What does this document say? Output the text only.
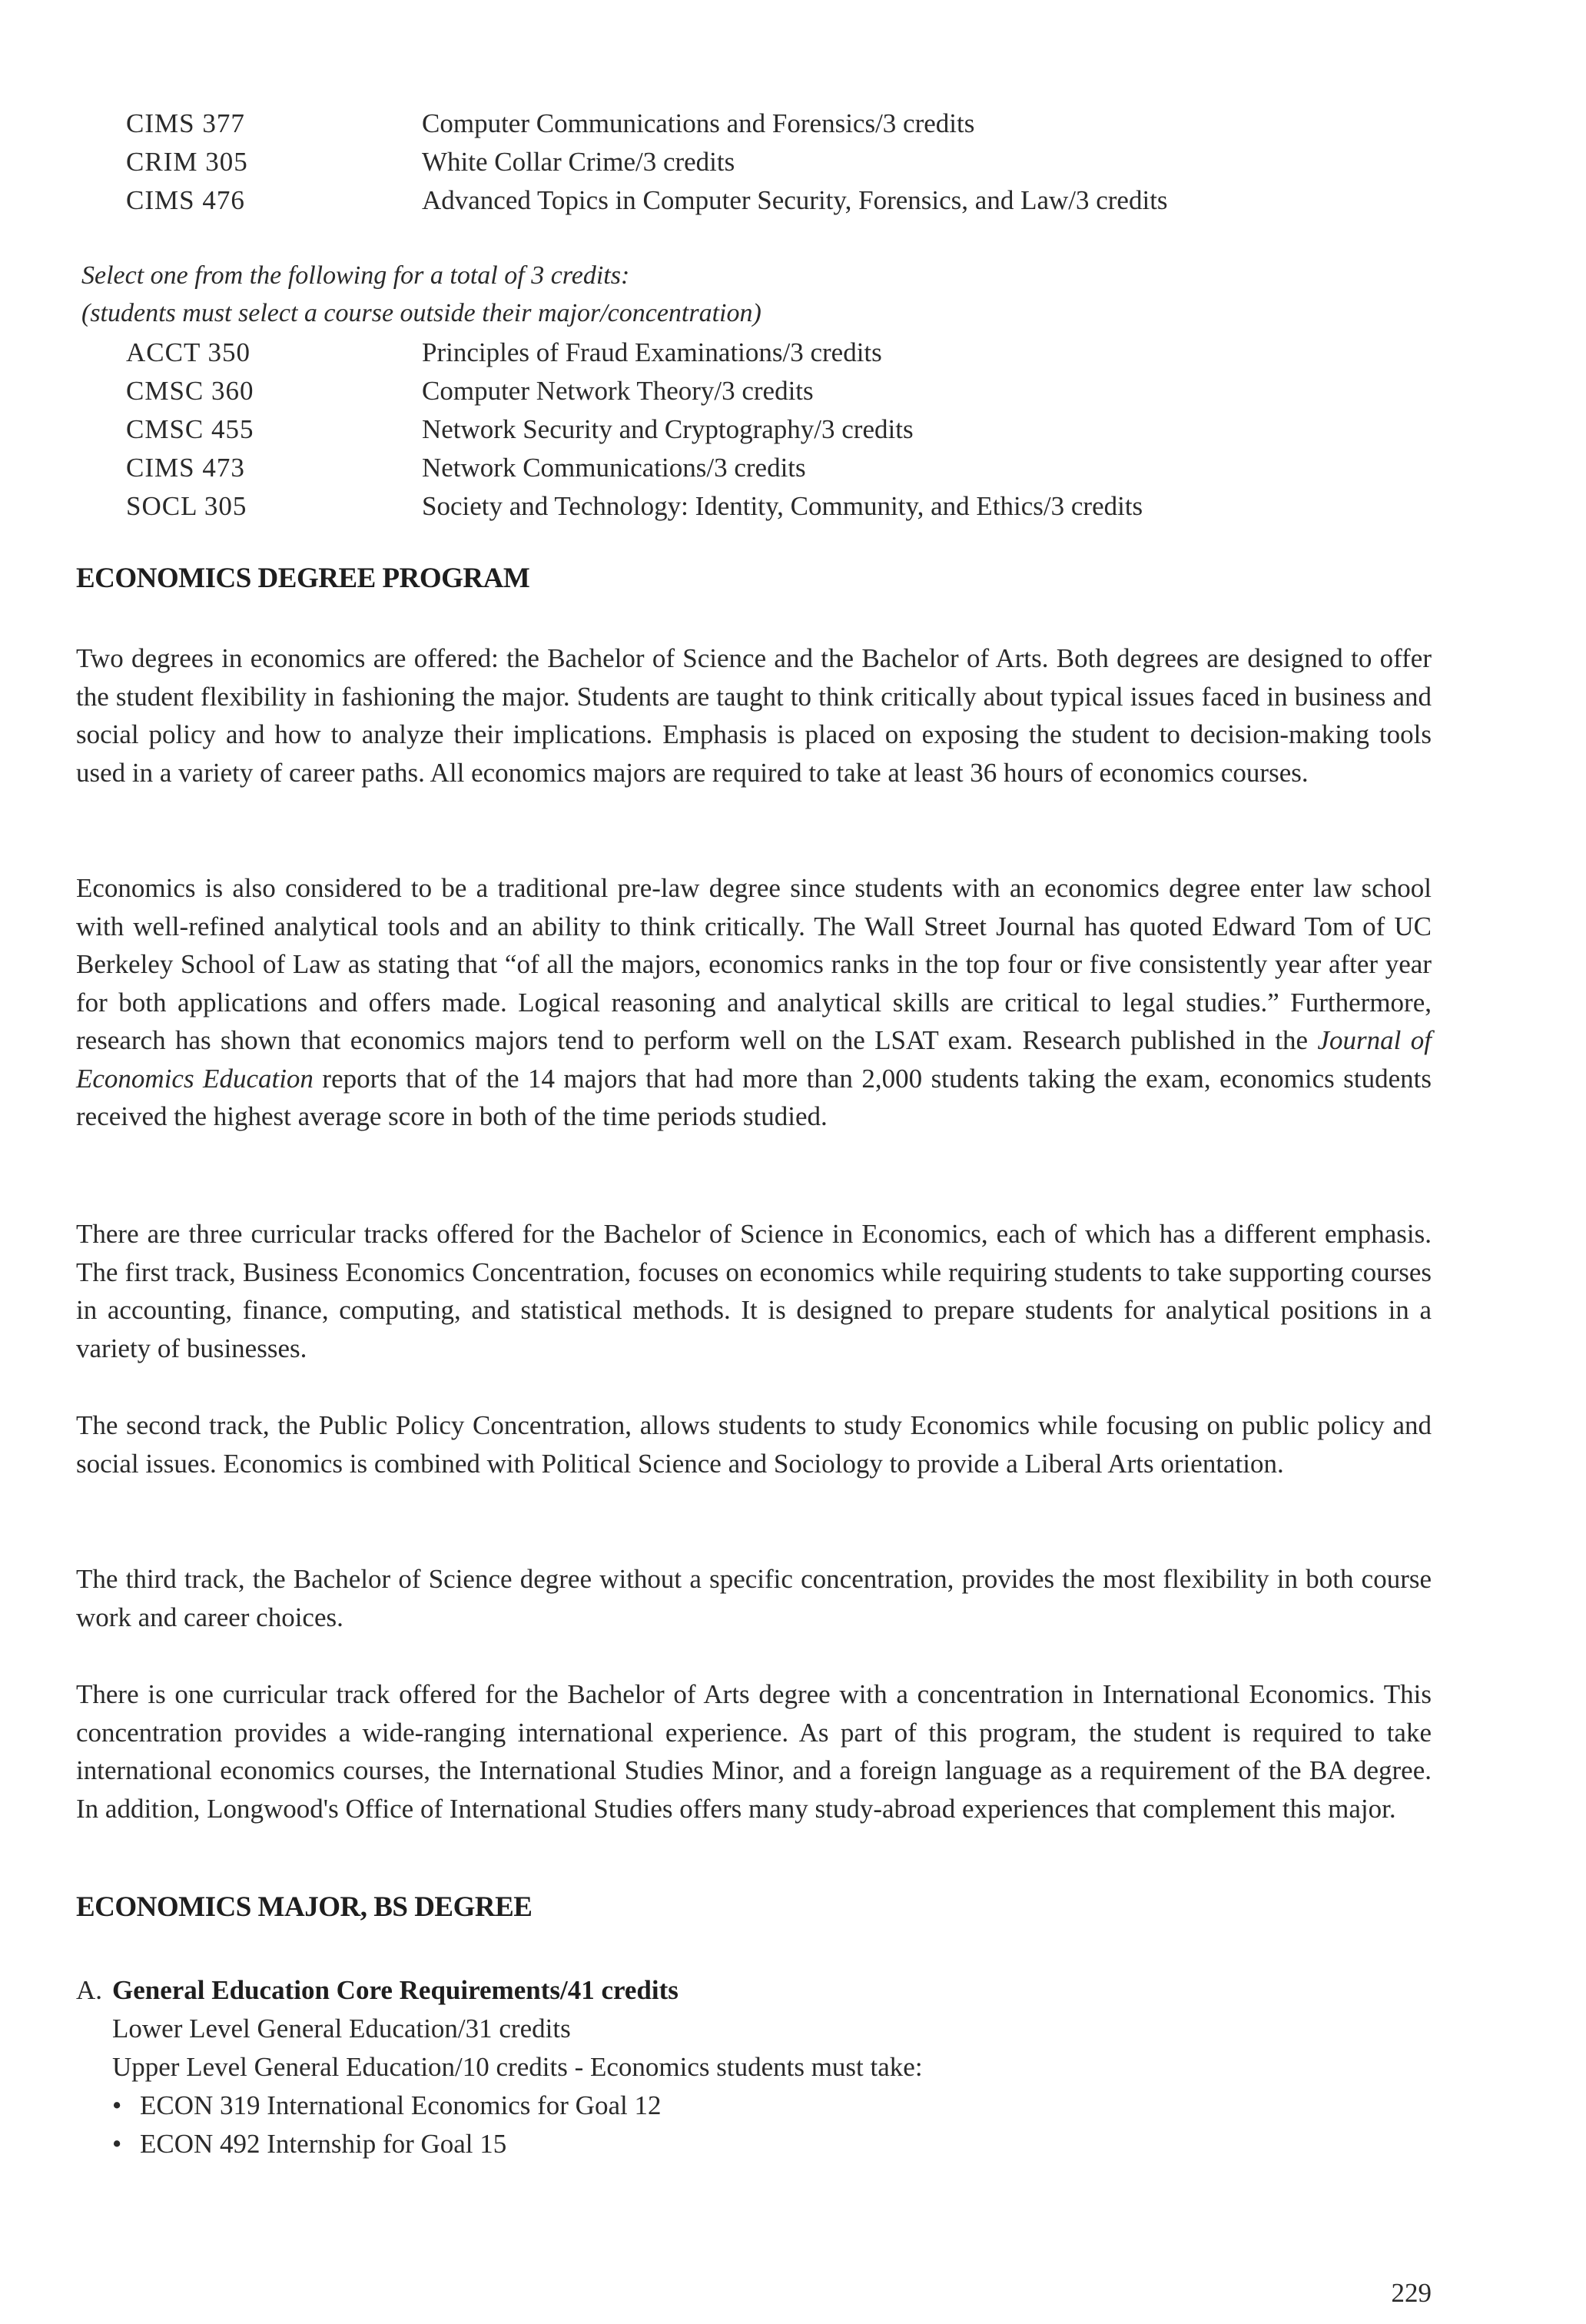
CIMS 377	Computer Communications and Forensics/3 credits
CRIM 305	White Collar Crime/3 credits
CIMS 476	Advanced Topics in Computer Security, Forensics, and Law/3 credits
Select one from the following for a total of 3 credits:
(students must select a course outside their major/concentration)
ACCT 350	Principles of Fraud Examinations/3 credits
CMSC 360	Computer Network Theory/3 credits
CMSC 455	Network Security and Cryptography/3 credits
CIMS 473	Network Communications/3 credits
SOCL 305	Society and Technology: Identity, Community, and Ethics/3 credits
ECONOMICS DEGREE PROGRAM
Two degrees in economics are offered: the Bachelor of Science and the Bachelor of Arts. Both degrees are designed to offer the student flexibility in fashioning the major. Students are taught to think critically about typical issues faced in business and social policy and how to analyze their implications. Emphasis is placed on exposing the student to decision-making tools used in a variety of career paths. All economics majors are required to take at least 36 hours of economics courses.
Economics is also considered to be a traditional pre-law degree since students with an economics degree enter law school with well-refined analytical tools and an ability to think critically. The Wall Street Journal has quoted Edward Tom of UC Berkeley School of Law as stating that “of all the majors, economics ranks in the top four or five consistently year after year for both applications and offers made. Logical reasoning and analytical skills are critical to legal studies.” Furthermore, research has shown that economics majors tend to perform well on the LSAT exam. Research published in the Journal of Economics Education reports that of the 14 majors that had more than 2,000 students taking the exam, economics students received the highest average score in both of the time periods studied.
There are three curricular tracks offered for the Bachelor of Science in Economics, each of which has a different emphasis. The first track, Business Economics Concentration, focuses on economics while requiring students to take supporting courses in accounting, finance, computing, and statistical methods. It is designed to prepare students for analytical positions in a variety of businesses.
The second track, the Public Policy Concentration, allows students to study Economics while focusing on public policy and social issues. Economics is combined with Political Science and Sociology to provide a Liberal Arts orientation.
The third track, the Bachelor of Science degree without a specific concentration, provides the most flexibility in both course work and career choices.
There is one curricular track offered for the Bachelor of Arts degree with a concentration in International Economics. This concentration provides a wide-ranging international experience. As part of this program, the student is required to take international economics courses, the International Studies Minor, and a foreign language as a requirement of the BA degree. In addition, Longwood's Office of International Studies offers many study-abroad experiences that complement this major.
ECONOMICS MAJOR, BS DEGREE
A. General Education Core Requirements/41 credits
Lower Level General Education/31 credits
Upper Level General Education/10 credits - Economics students must take:
• ECON 319 International Economics for Goal 12
• ECON 492 Internship for Goal 15
229
